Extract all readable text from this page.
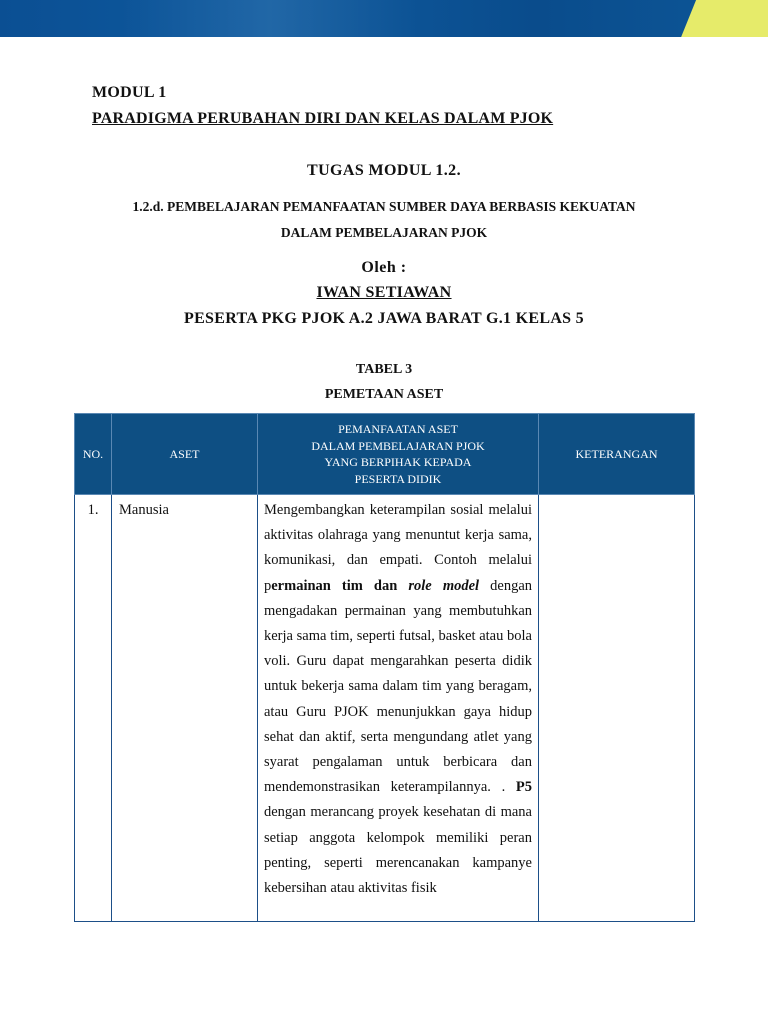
MODUL 1
PARADIGMA PERUBAHAN DIRI DAN KELAS DALAM PJOK
TUGAS MODUL 1.2.
1.2.d. PEMBELAJARAN PEMANFAATAN SUMBER DAYA BERBASIS KEKUATAN
DALAM PEMBELAJARAN PJOK
Oleh :
IWAN SETIAWAN
PESERTA PKG PJOK A.2 JAWA BARAT G.1 KELAS 5
TABEL 3
PEMETAAN ASET
NO.	ASET	PEMANFAATAN ASET
DALAM PEMBELAJARAN PJOK
YANG BERPIHAK KEPADA
PESERTA DIDIK	KETERANGAN
1.	Manusia	Mengembangkan keterampilan sosial melalui aktivitas olahraga yang menuntut kerja sama, komunikasi, dan empati. Contoh melalui permainan tim dan role model dengan mengadakan permainan yang membutuhkan kerja sama tim, seperti futsal, basket atau bola voli. Guru dapat mengarahkan peserta didik untuk bekerja sama dalam tim yang beragam, atau Guru PJOK menunjukkan gaya hidup sehat dan aktif, serta mengundang atlet yang syarat pengalaman untuk berbicara dan mendemonstrasikan keterampilannya. . P5 dengan merancang proyek kesehatan di mana setiap anggota kelompok memiliki peran penting, seperti merencanakan kampanye kebersihan atau aktivitas fisik	
